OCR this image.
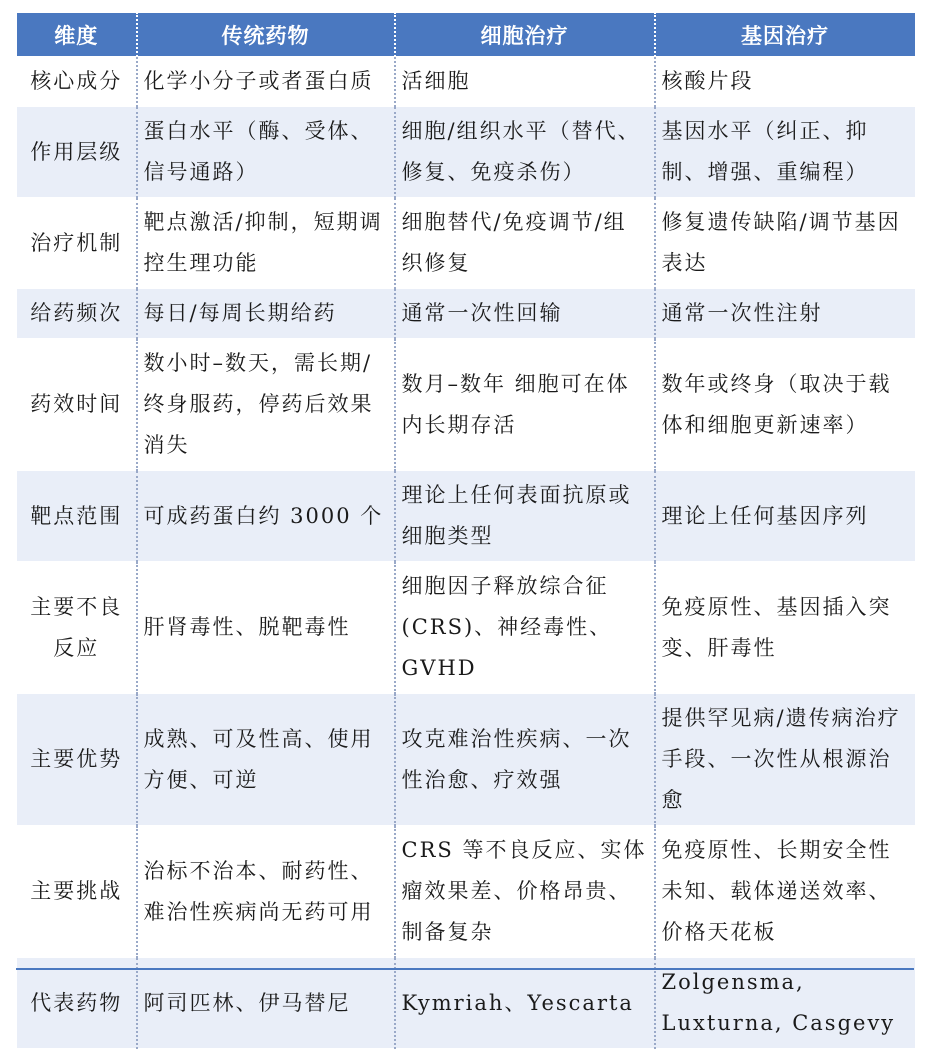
维度	传统药物	细胞治疗	基因治疗
核心成分	化学小分子或者蛋白质	活细胞	核酸片段
作用层级	蛋白水平（酶、受体、信号通路）	细胞/组织水平（替代、修复、免疫杀伤）	基因水平（纠正、抑制、增强、重编程）
治疗机制	靶点激活/抑制，短期调控生理功能	细胞替代/免疫调节/组织修复	修复遗传缺陷/调节基因表达
给药频次	每日/每周长期给药	通常一次性回输	通常一次性注射
药效时间	数小时–数天，需长期/终身服药，停药后效果消失	数月–数年 细胞可在体内长期存活	数年或终身（取决于载体和细胞更新速率）
靶点范围	可成药蛋白约 3000 个	理论上任何表面抗原或细胞类型	理论上任何基因序列
主要不良反应	肝肾毒性、脱靶毒性	细胞因子释放综合征 (CRS)、神经毒性、GVHD	免疫原性、基因插入突变、肝毒性
主要优势	成熟、可及性高、使用方便、可逆	攻克难治性疾病、一次性治愈、疗效强	提供罕见病/遗传病治疗手段、一次性从根源治愈
主要挑战	治标不治本、耐药性、难治性疾病尚无药可用	CRS 等不良反应、实体瘤效果差、价格昂贵、制备复杂	免疫原性、长期安全性未知、载体递送效率、价格天花板
代表药物	阿司匹林、伊马替尼	Kymriah、Yescarta	Zolgensma, Luxturna, Casgevy
